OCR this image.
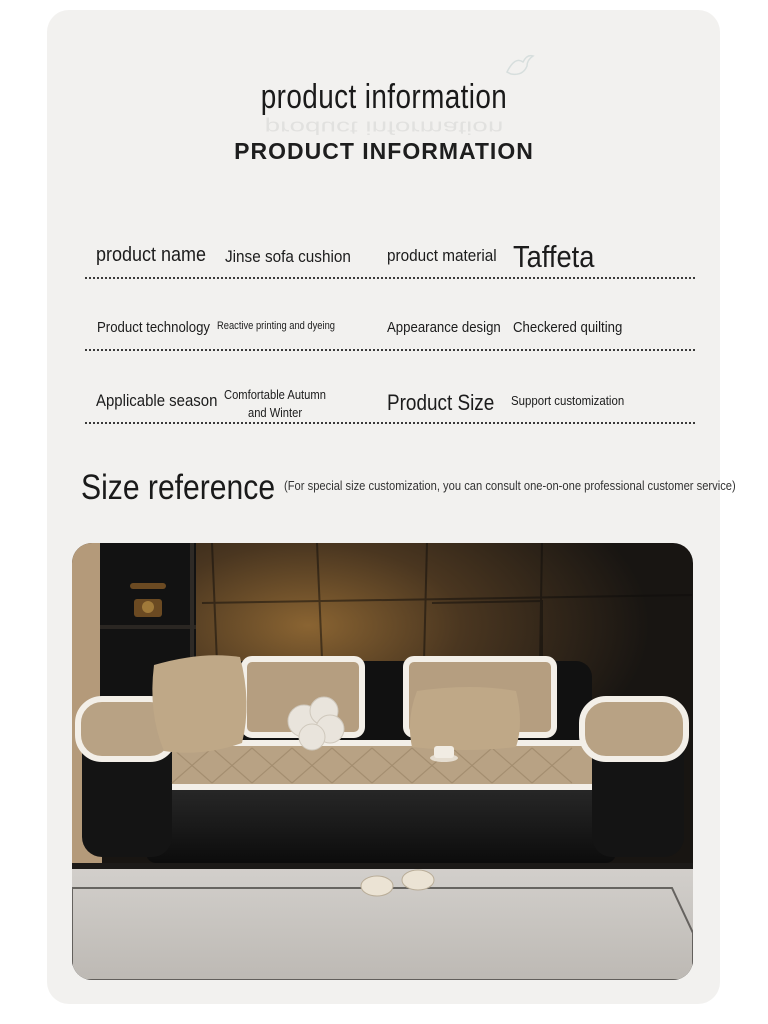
product information
product information
PRODUCT INFORMATION
product name Jinse sofa cushion product material Taffeta
Product technology Reactive printing and dyeing	Appearance design Checkered quilting
Applicable season Comfortable Autumn
and Winter	Product Size Support customization
Size reference (For special size customization, you can consult one-on-one professional customer service)
